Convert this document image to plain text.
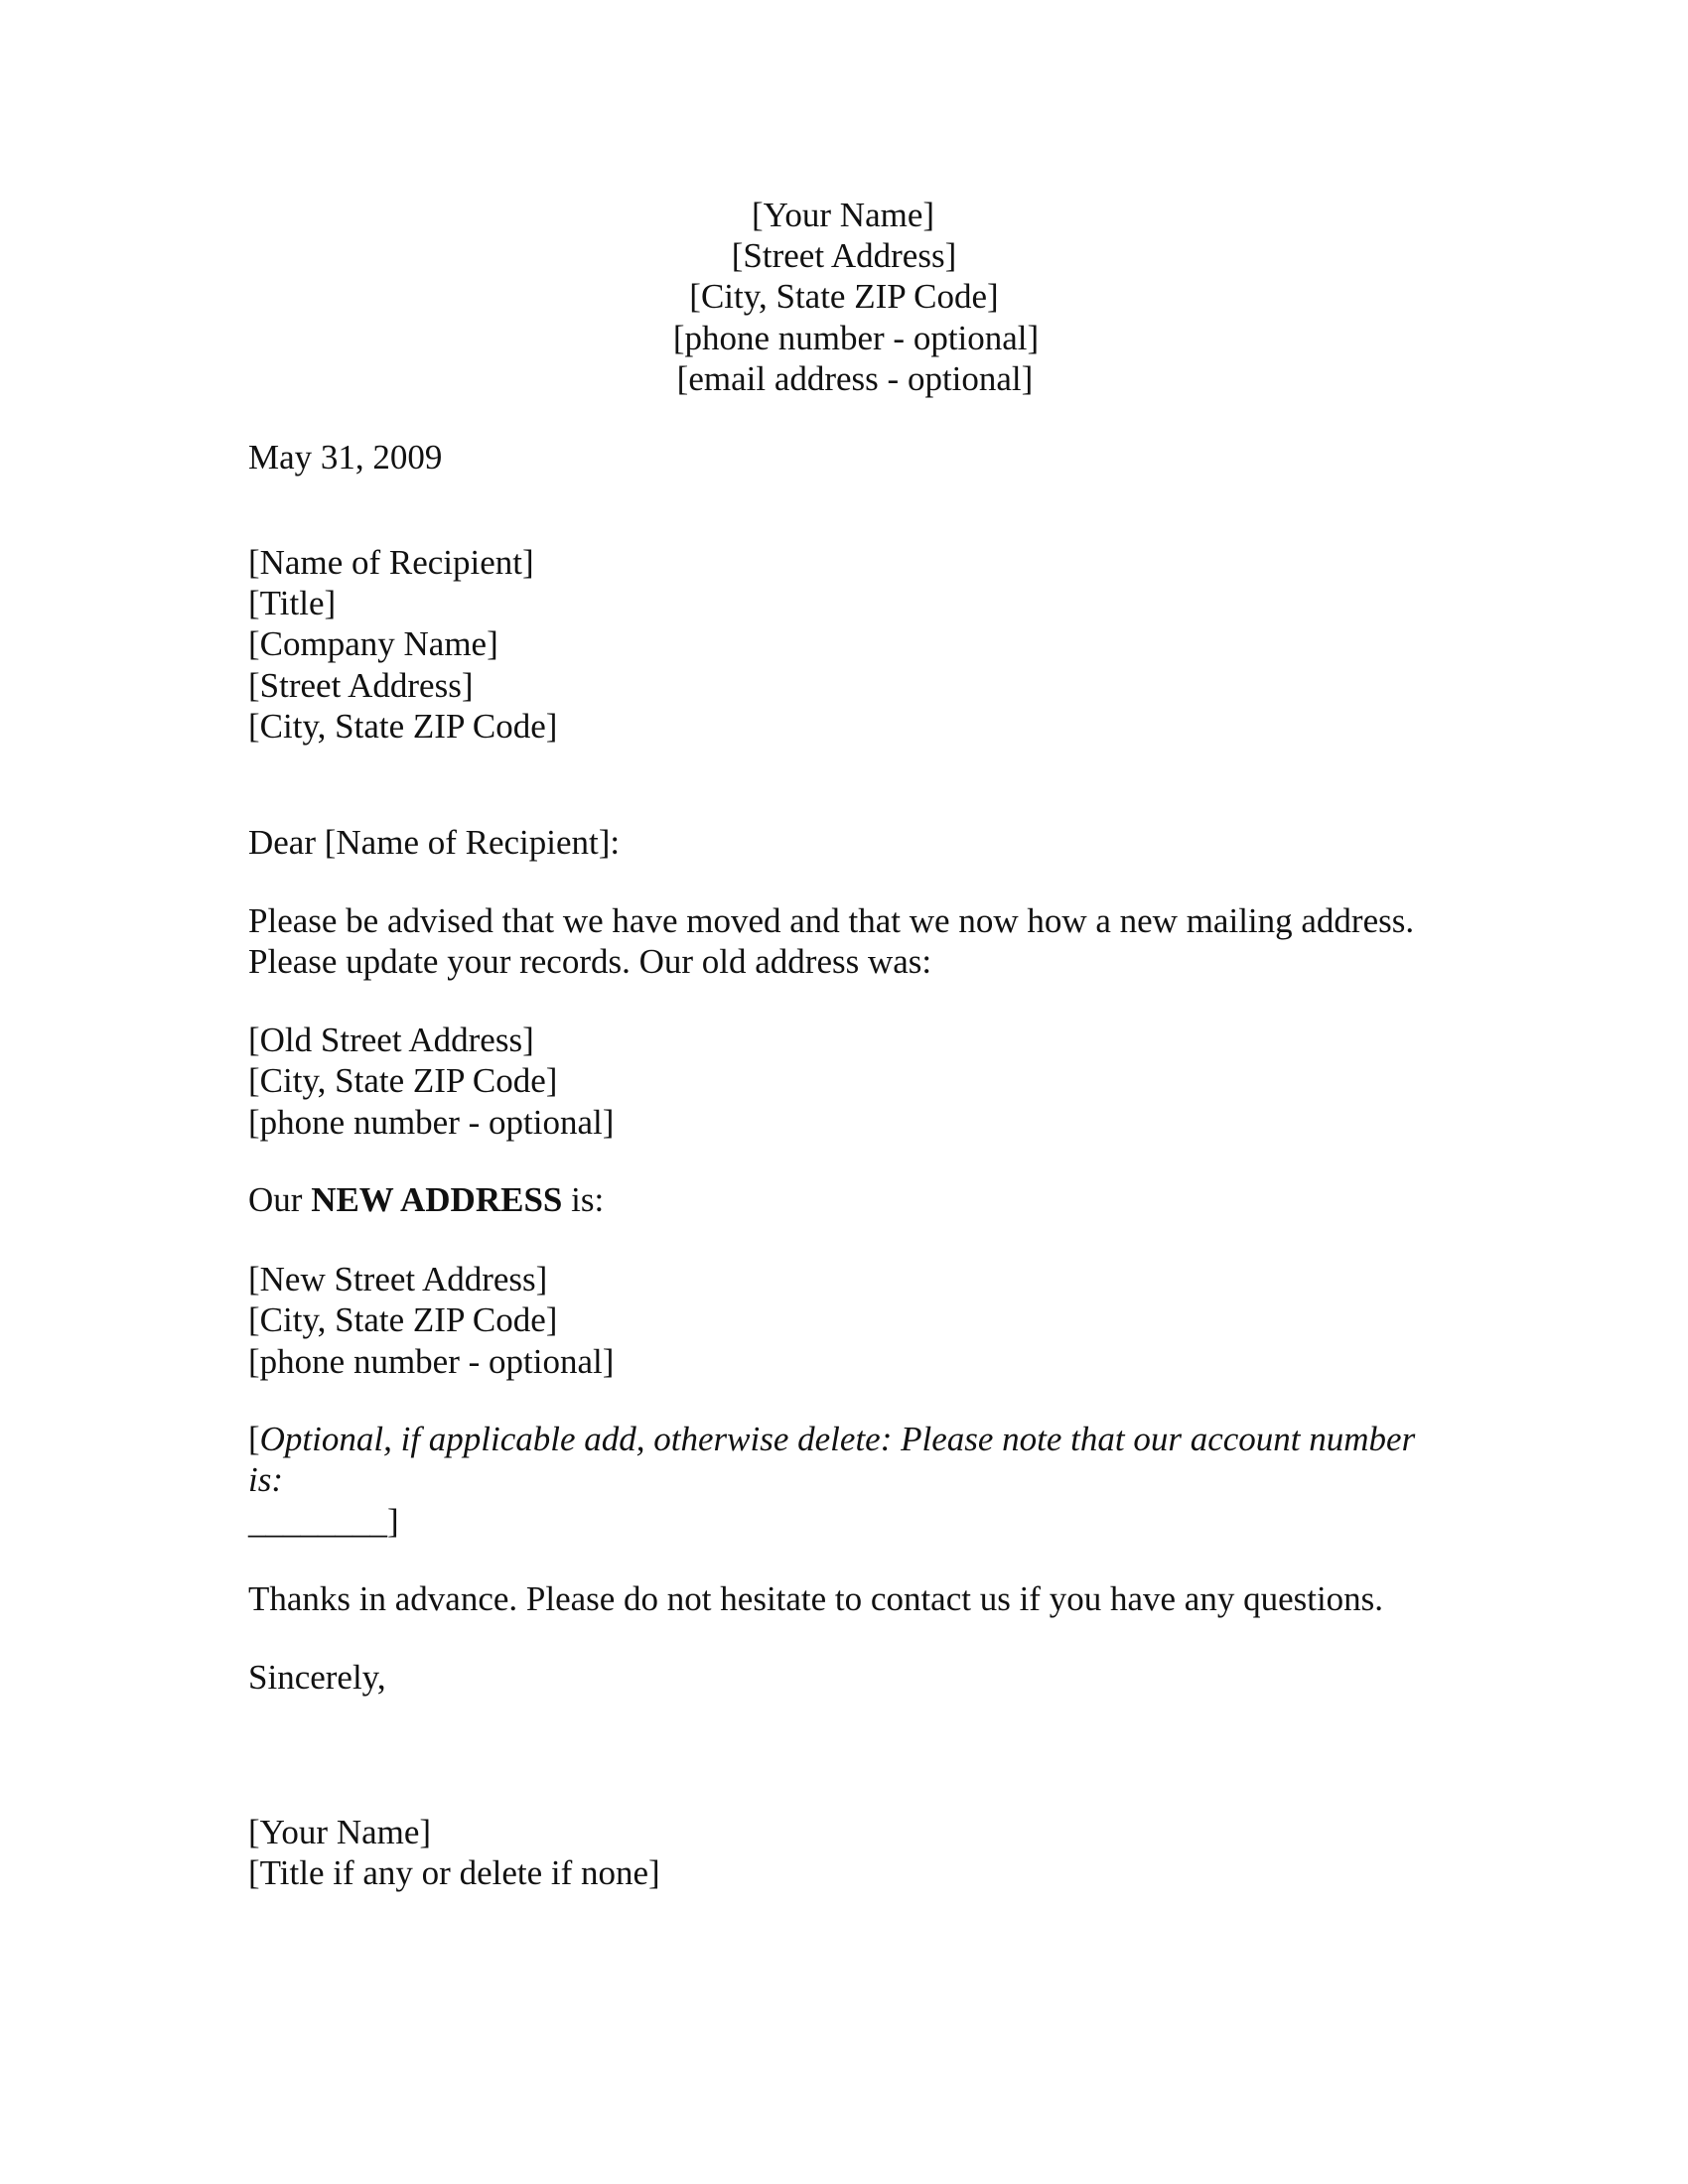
[Your Name]
[Street Address]
[City, State ZIP Code]
[phone number - optional]
[email address - optional]
May 31, 2009
[Name of Recipient]
[Title]
[Company Name]
[Street Address]
[City, State ZIP Code]
Dear [Name of Recipient]:
Please be advised that we have moved and that we now how a new mailing address.
Please update your records. Our old address was:
[Old Street Address]
[City, State ZIP Code]
[phone number - optional]
Our NEW ADDRESS is:
[New Street Address]
[City, State ZIP Code]
[phone number - optional]
[Optional, if applicable add, otherwise delete: Please note that our account number
is:
________]
Thanks in advance. Please do not hesitate to contact us if you have any questions.
Sincerely,
[Your Name]
[Title if any or delete if none]
